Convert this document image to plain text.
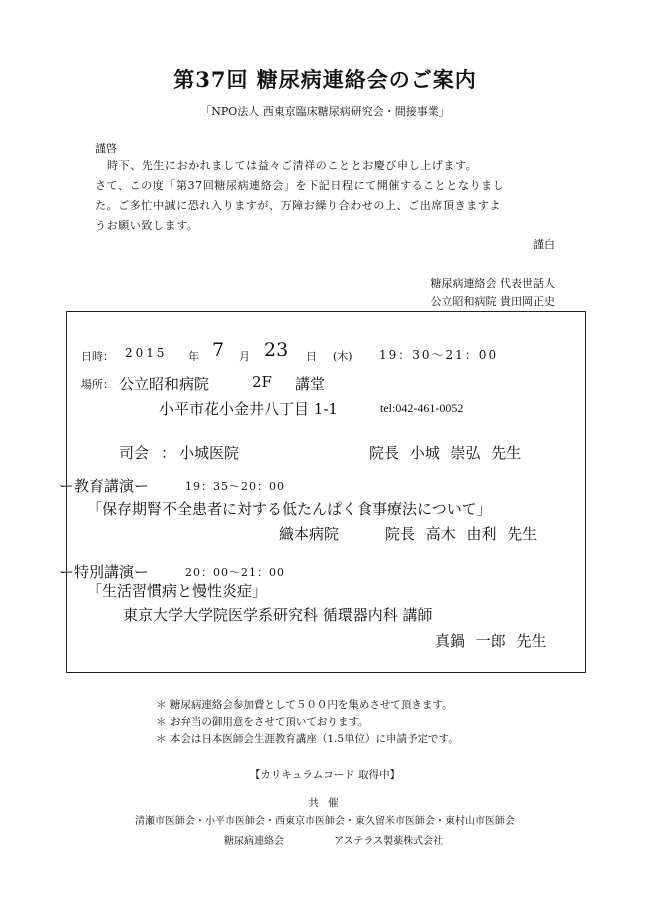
第37回 糖尿病連絡会のご案内
「NPO法人 西東京臨床糖尿病研究会・間接事業」
謹啓
時下、先生におかれましては益々ご清祥のこととお慶び申し上げます。
さて、この度「第37回糖尿病連絡会」を下記日程にて開催することとなりまし
た。ご多忙中誠に恐れ入りますが、万障お繰り合わせの上、ご出席頂きますよ
うお願い致します。
謹白
糖尿病連絡会 代表世話人
公立昭和病院 貴田岡正史
日時： 2015 年 7 月 23 日 (木) 19：30～21：00
場所： 公立昭和病院	2F 講堂
小平市花小金井八丁目 1-1	tel:042-461-0052
司会 ： 小城医院	院長 小城 崇弘 先生
ー教育講演ー	19：35～20：00
「保存期腎不全患者に対する低たんぱく食事療法について」
織本病院	院長 高木 由利 先生
ー特別講演ー	20：00～21：00
「生活習慣病と慢性炎症」
東京大学大学院医学系研究科 循環器内科 講師
真鍋 一郎 先生
＊ 糖尿病連絡会参加費として５００円を集めさせて頂きます。
＊ お弁当の御用意をさせて頂いております。
＊ 本会は日本医師会生涯教育講座（1.5単位）に申請予定です。
【カリキュラムコード 取得中】
共 催
清瀬市医師会・小平市医師会・西東京市医師会・東久留米市医師会・東村山市医師会
糖尿病連絡会	アステラス製薬株式会社
